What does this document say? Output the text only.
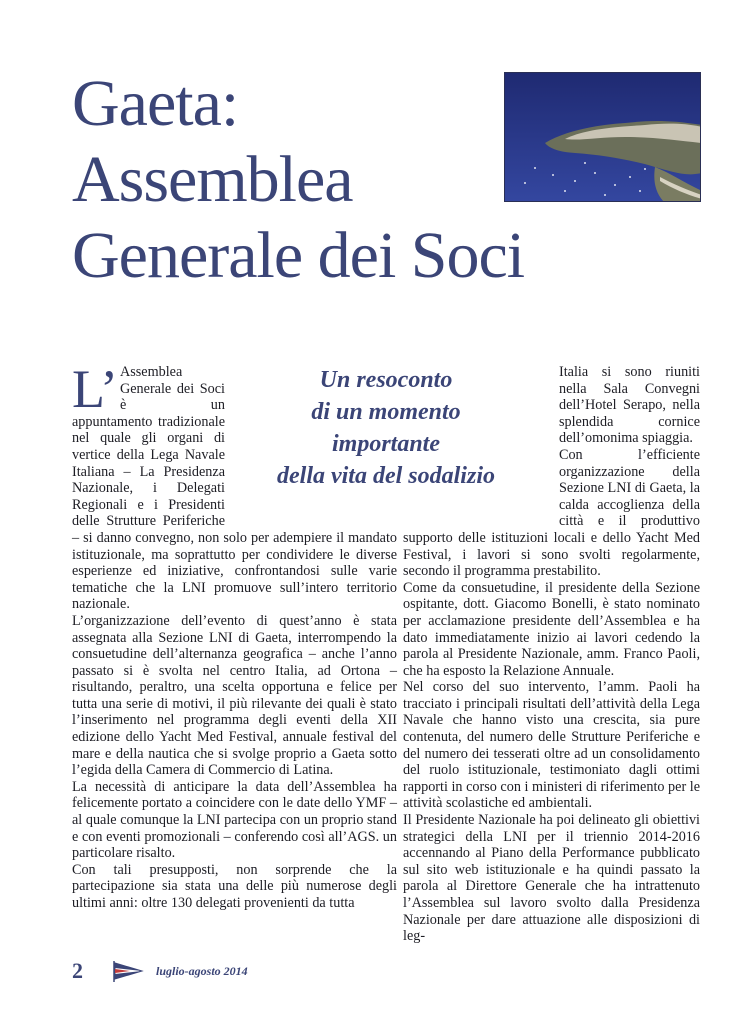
Gaeta:
Assemblea
Generale dei Soci
Un resoconto
di un momento
importante
della vita del sodalizio
L’ Assemblea Generale dei Soci è un appuntamento tradizionale nel quale gli organi di vertice della Lega Navale Italiana – La Presidenza Nazionale, i Delegati Regionali e i Presidenti delle Strutture Periferiche – si danno convegno, non solo per adempiere il mandato istituzionale, ma soprattutto per condividere le diverse esperienze ed iniziative, confrontandosi sulle varie tematiche che la LNI promuove sull’intero territorio nazionale.

L’organizzazione dell’evento di quest’anno è stata assegnata alla Sezione LNI di Gaeta, interrompendo la consuetudine dell’alternanza geografica – anche l’anno passato si è svolta nel centro Italia, ad Ortona – risultando, peraltro, una scelta opportuna e felice per tutta una serie di motivi, il più rilevante dei quali è stato l’inserimento nel programma degli eventi della XII edizione dello Yacht Med Festival, annuale festival del mare e della nautica che si svolge proprio a Gaeta sotto l’egida della Camera di Commercio di Latina.

La necessità di anticipare la data dell’Assemblea ha felicemente portato a coincidere con le date dello YMF – al quale comunque la LNI partecipa con un proprio stand e con eventi promozionali – conferendo così all’AGS. un particolare risalto.

Con tali presupposti, non sorprende che la partecipazione sia stata una delle più numerose degli ultimi anni: oltre 130 delegati provenienti da tutta

Italia si sono riuniti nella Sala Convegni dell’Hotel Serapo, nella splendida cornice dell’omonima spiaggia.

Con l’efficiente organizzazione della Sezione LNI di Gaeta, la calda accoglienza della città e il produttivo supporto delle istituzioni locali e dello Yacht Med Festival, i lavori si sono svolti regolarmente, secondo il programma prestabilito.

Come da consuetudine, il presidente della Sezione ospitante, dott. Giacomo Bonelli, è stato nominato per acclamazione presidente dell’Assemblea e ha dato immediatamente inizio ai lavori cedendo la parola al Presidente Nazionale, amm. Franco Paoli, che ha esposto la Relazione Annuale.

Nel corso del suo intervento, l’amm. Paoli ha tracciato i principali risultati dell’attività della Lega Navale che hanno visto una crescita, sia pure contenuta, del numero delle Strutture Periferiche e del numero dei tesserati oltre ad un consolidamento del ruolo istituzionale, testimoniato dagli ottimi rapporti in corso con i ministeri di riferimento per le attività scolastiche ed ambientali.

Il Presidente Nazionale ha poi delineato gli obiettivi strategici della LNI per il triennio 2014-2016 accennando al Piano della Performance pubblicato sul sito web istituzionale e ha quindi passato la parola al Direttore Generale che ha intrattenuto l’Assemblea sul lavoro svolto dalla Presidenza Nazionale per dare attuazione alle disposizioni di leg-

2	luglio-agosto 2014
